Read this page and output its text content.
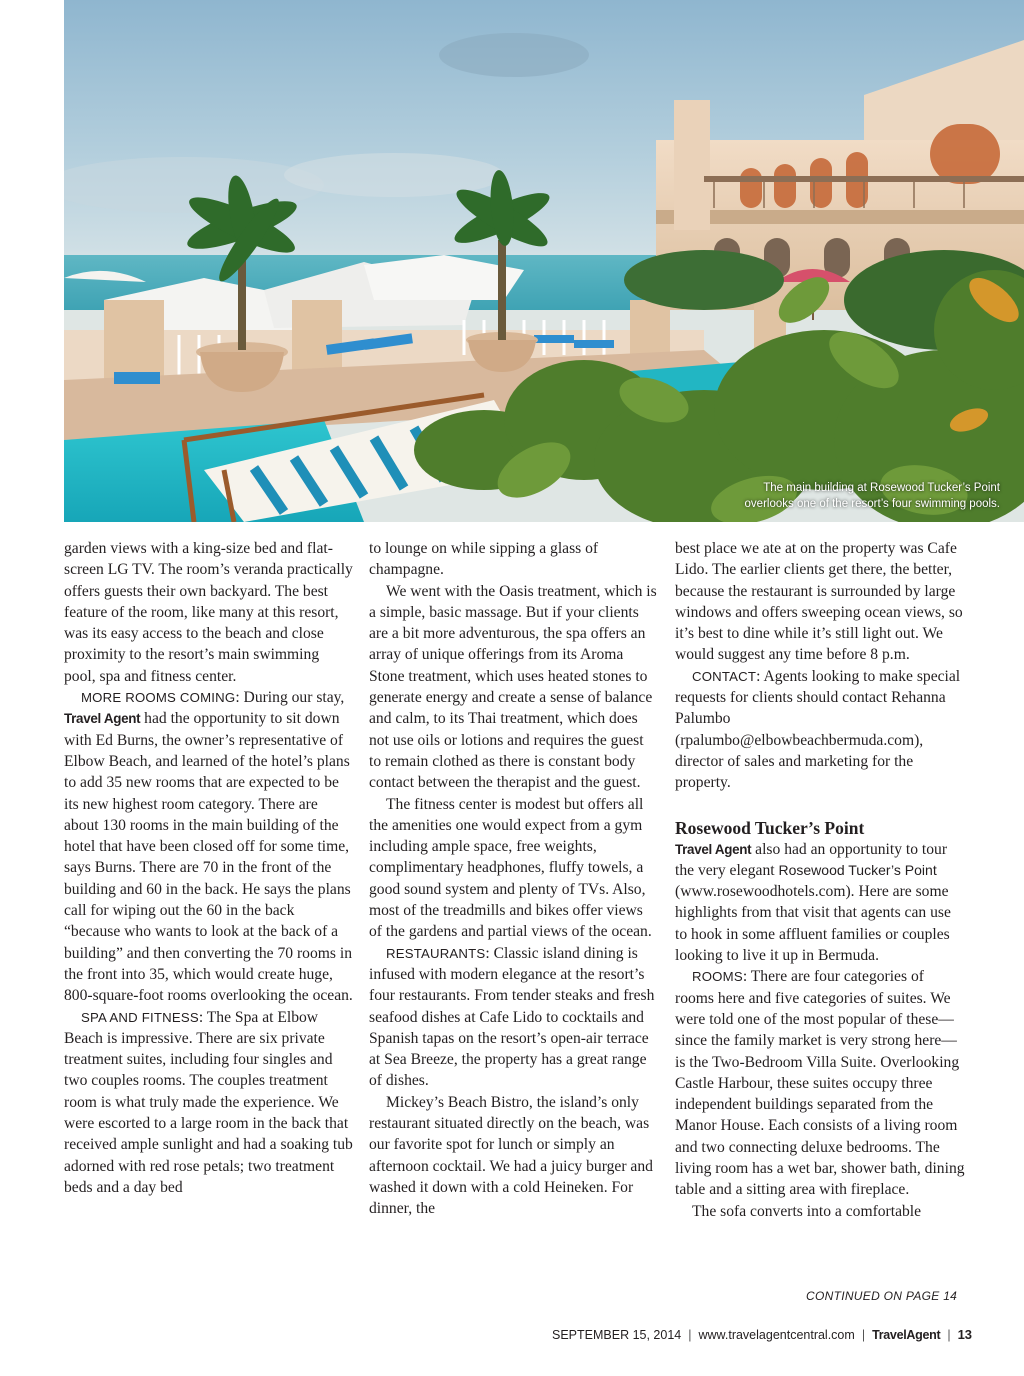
The main building at Rosewood Tucker’s Point
overlooks one of the resort’s four swimming pools.

garden views with a king-size bed and flat-screen LG TV. The room’s veranda practically offers guests their own backyard. The best feature of the room, like many at this resort, was its easy access to the beach and close proximity to the resort’s main swimming pool, spa and fitness center.

MORE ROOMS COMING: During our stay, Travel Agent had the opportunity to sit down with Ed Burns, the owner’s representative of Elbow Beach, and learned of the hotel’s plans to add 35 new rooms that are expected to be its new highest room category. There are about 130 rooms in the main building of the hotel that have been closed off for some time, says Burns. There are 70 in the front of the building and 60 in the back. He says the plans call for wiping out the 60 in the back “because who wants to look at the back of a building” and then converting the 70 rooms in the front into 35, which would create huge, 800-square-foot rooms overlooking the ocean.

SPA AND FITNESS: The Spa at Elbow Beach is impressive. There are six private treatment suites, including four singles and two couples rooms. The couples treatment room is what truly made the experience. We were escorted to a large room in the back that received ample sunlight and had a soaking tub adorned with red rose petals; two treatment beds and a day bed

to lounge on while sipping a glass of champagne.

We went with the Oasis treatment, which is a simple, basic massage. But if your clients are a bit more adventurous, the spa offers an array of unique offerings from its Aroma Stone treatment, which uses heated stones to generate energy and create a sense of balance and calm, to its Thai treatment, which does not use oils or lotions and requires the guest to remain clothed as there is constant body contact between the therapist and the guest.

The fitness center is modest but offers all the amenities one would expect from a gym including ample space, free weights, complimentary headphones, fluffy towels, a good sound system and plenty of TVs. Also, most of the treadmills and bikes offer views of the gardens and partial views of the ocean.

RESTAURANTS: Classic island dining is infused with modern elegance at the resort’s four restaurants. From tender steaks and fresh seafood dishes at Cafe Lido to cocktails and Spanish tapas on the resort’s open-air terrace at Sea Breeze, the property has a great range of dishes.

Mickey’s Beach Bistro, the island’s only restaurant situated directly on the beach, was our favorite spot for lunch or simply an afternoon cocktail. We had a juicy burger and washed it down with a cold Heineken. For dinner, the

best place we ate at on the property was Cafe Lido. The earlier clients get there, the better, because the restaurant is surrounded by large windows and offers sweeping ocean views, so it’s best to dine while it’s still light out. We would suggest any time before 8 p.m.

CONTACT: Agents looking to make special requests for clients should contact Rehanna Palumbo (rpalumbo@elbowbeachbermuda.com), director of sales and marketing for the property.

Rosewood Tucker’s Point

Travel Agent also had an opportunity to tour the very elegant Rosewood Tucker’s Point (www.rosewoodhotels.com). Here are some highlights from that visit that agents can use to hook in some affluent families or couples looking to live it up in Bermuda.

ROOMS: There are four categories of rooms here and five categories of suites. We were told one of the most popular of these—since the family market is very strong here—is the Two-Bedroom Villa Suite. Overlooking Castle Harbour, these suites occupy three independent buildings separated from the Manor House. Each consists of a living room and two connecting deluxe bedrooms. The living room has a wet bar, shower bath, dining table and a sitting area with fireplace.

The sofa converts into a comfortable

CONTINUED ON PAGE 14
SEPTEMBER 15, 2014 | www.travelagentcentral.com | TravelAgent | 13
